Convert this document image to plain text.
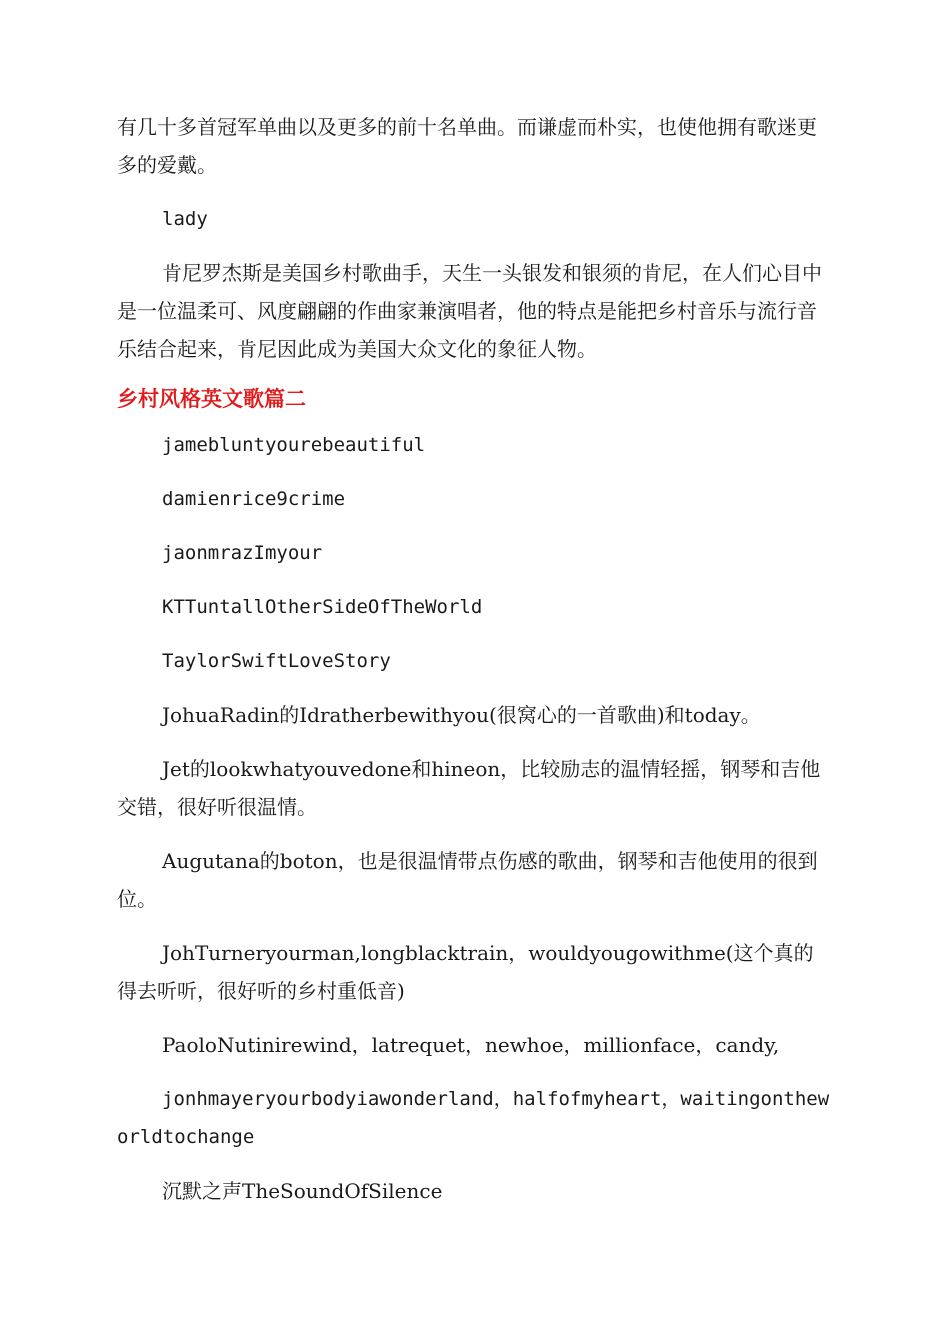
有几十多首冠军单曲以及更多的前十名单曲。而谦虚而朴实，也使他拥有歌迷更多的爱戴。

lady

肯尼罗杰斯是美国乡村歌曲手，天生一头银发和银须的肯尼，在人们心目中是一位温柔可、风度翩翩的作曲家兼演唱者，他的特点是能把乡村音乐与流行音乐结合起来，肯尼因此成为美国大众文化的象征人物。

乡村风格英文歌篇二

jamebluntyourebeautiful

damienrice9crime

jaonmrazImyour

KTTuntallOtherSideOfTheWorld

TaylorSwiftLoveStory

JohuaRadin的Idratherbewithyou(很窝心的一首歌曲)和today。

Jet的lookwhatyouvedone和hineon，比较励志的温情轻摇，钢琴和吉他交错，很好听很温情。

Augutana的boton，也是很温情带点伤感的歌曲，钢琴和吉他使用的很到位。

JohTurneryourman,longblacktrain，wouldyougowithme(这个真的得去听听，很好听的乡村重低音)

PaoloNutinirewind，latrequet，newhoe，millionface，candy,

jonhmayeryourbodyiawonderland，halfofmyheart，waitingontheworldtochange

沉默之声TheSoundOfSilence
